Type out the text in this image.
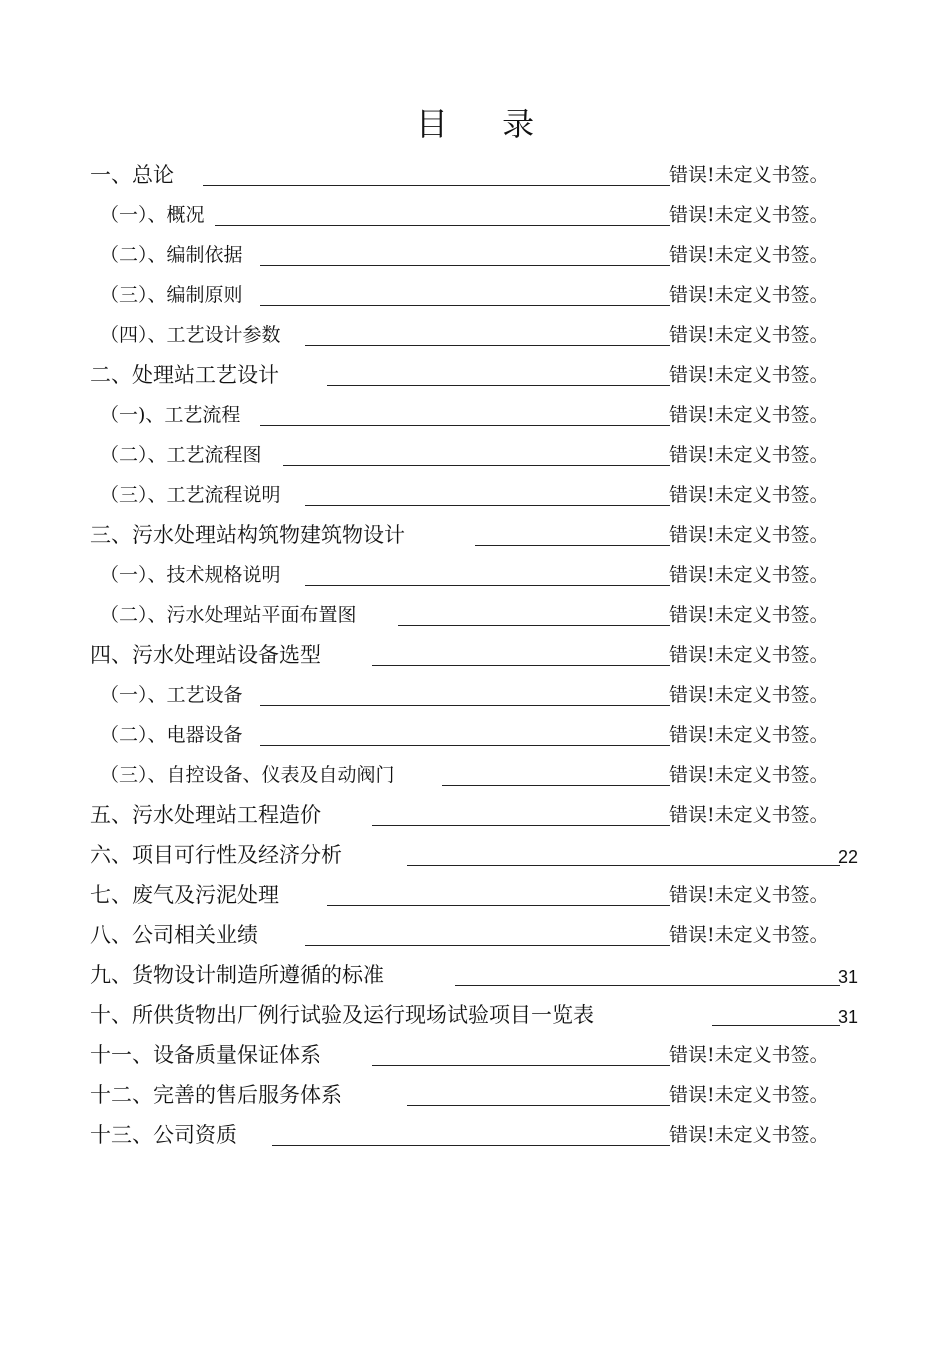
目 录
一、总论	错误!未定义书签。
（一）、概况	错误!未定义书签。
（二）、编制依据	错误!未定义书签。
（三）、编制原则	错误!未定义书签。
（四）、工艺设计参数	错误!未定义书签。
二、处理站工艺设计	错误!未定义书签。
（一)、工艺流程	错误!未定义书签。
（二）、工艺流程图	错误!未定义书签。
（三）、工艺流程说明	错误!未定义书签。
三、污水处理站构筑物建筑物设计	错误!未定义书签。
（一）、技术规格说明	错误!未定义书签。
（二）、污水处理站平面布置图	错误!未定义书签。
四、污水处理站设备选型	错误!未定义书签。
（一）、工艺设备	错误!未定义书签。
（二）、电器设备	错误!未定义书签。
（三）、自控设备、仪表及自动阀门	错误!未定义书签。
五、污水处理站工程造价	错误!未定义书签。
六、项目可行性及经济分析	22
七、废气及污泥处理	错误!未定义书签。
八、公司相关业绩	错误!未定义书签。
九、货物设计制造所遵循的标准	31
十、所供货物出厂例行试验及运行现场试验项目一览表	31
十一、设备质量保证体系	错误!未定义书签。
十二、完善的售后服务体系	错误!未定义书签。
十三、公司资质	错误!未定义书签。
